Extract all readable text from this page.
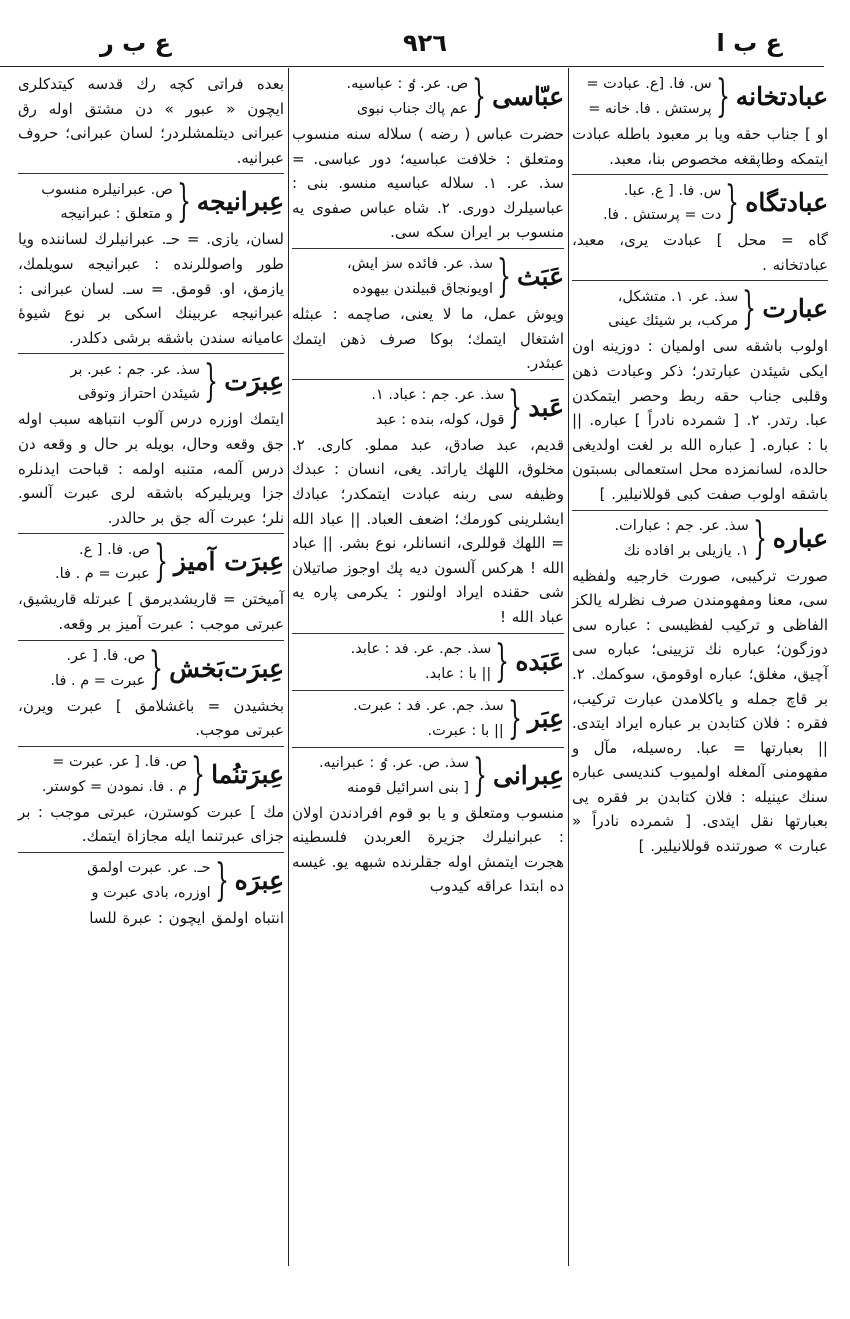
ع ب ا
٩٢٦
ع ب ر
عبادتخانه
{
س. فا. [ع. عبادت =
پرستش . فا. خانه =

او ] جناب حقه ویا بر معبود باطله عبادت ايتمكه وطاپقغه مخصوص بنا، معبد.

عبادتگاه
{
س. فا. [ ع. عبا.
دت = پرستش . فا.

گاه = محل ] عبادت يرى، معبد، عبادتخانه .

عبارت
{
سذ. عر. ١. متشكل،
مركب، بر شيئك عينى

اولوب باشقه سى اولمیان : دوزينه اون ايكى شيئدن عبارتدر؛ ذكر وعبادت ذهن وقلبى جناب حقه ربط وحصر ايتمكدن عبا. رتدر. ٢. [ شمرده نادراً ] عباره. || با : عباره. [ عباره الله بر لغت اولديغى حالده، لسانمزده محل استعمالى بسبتون باشقه اولوب صفت كبى قوللانيلير. ]

عباره
{
سذ. عر. جم : عبارات.
١. يازيلى بر افاده نك

صورت تركيبى، صورت خارجيه ولفظيه سى، معنا ومفهومندن صرف نظرله يالكز الفاظى و تركيب لفظيسى : عباره سى دوزگون؛ عباره نك تزيينى؛ عباره سى آچيق، مغلق؛ عباره اوقومق، سوكمك. ٢. بر قاچ جمله و ياكلامدن عبارت تركيب، فقره : فلان كتابدن بر عباره ايراد ايتدى. || بعبارتها = عبا. رەسيله، مآل و مفهومنى آلمغله اولميوب كنديسى عباره سنك عينيله : فلان كتابدن بر فقره يى بعبارتها نقل ايتدى. [ شمرده نادراً « عبارت » صورتنده قوللانيلير. ]

عبّاسى
{
ص. عر. ٶ : عباسيه.
عم پاك جناب نبوى

حضرت عباس ( رضه ) سلاله سنه منسوب ومتعلق : خلافت عباسيه؛ دور عباسى. = سذ. عر. ١. سلاله عباسيه منسو. بنى : عباسيلرك دورى. ٢. شاه عباس صفوى يه منسوب بر ايران سكه سى.

عَبَث
{
سذ. عر. فائده سز ايش،
اويونجاق قبيلندن بيهوده

ويوش عمل، ما لا يعنى، صاچمه : عبثله اشتغال ايتمك؛ بوكا صرف ذهن ايتمك عبثدر.

عَبد
{
سذ. عر. جم : عباد. ١.
قول، كوله، بنده : عبد

قديم، عبد صادق، عبد مملو. كارى. ٢. مخلوق، اللهك ياراتد. يغى، انسان : عبدك وظيفه سى ربنه عبادت ايتمكدر؛ عبادك ايشلرينى كورمك؛ اضعف العباد. || عباد الله = اللهك قوللرى، انسانلر، نوع بشر. || عباد الله ! هركس آلسون ديه پك اوجوز صاتيلان شى حقنده ايراد اولنور : يكرمى پاره يه عباد الله !

عَبَده
{
سذ. جم. عر. فد : عابد.
|| با : عابد.
عِبَر
{
سذ. جم. عر. فد : عبرت.
|| با : عبرت.
عِبرانى
{
سذ. ص. عر. ٶ : عبرانيه.
[ بنى اسرائيل قومنه

منسوب ومتعلق و يا بو قوم افرادندن اولان : عبرانيلرك جزيرة العربدن فلسطينه هجرت ايتمش اوله جقلرنده شبهه يو. غيسه ده ابتدا عراقه كيدوب

بعده فراتى كچه رك قدسه كيتدكلرى ايچون « عبور » دن مشتق اوله رق عبرانى ديتلمشلردر؛ لسان عبرانى؛ حروف عبرانيه.

عِبرانيجه
{
ص. عبرانيلره منسوب
و متعلق : عبرانيجه

لسان، يازى. = حـ. عبرانيلرك لساننده ويا طور واصوللرنده : عبرانيجه سويلمك، يازمق، او. قومق. = سـ. لسان عبرانى : عبرانيجه عربينك اسكى بر نوع شيوۀ عاميانه سندن باشقه برشى دكلدر.

عِبرَت
{
سذ. عر. جم : عبر. بر
شيئدن احتراز وتوقى

ايتمك اوزره درس آلوب انتباهه سبب اوله جق وقعه وحال، بويله بر حال و وقعه دن درس آلمه، متنبه اولمه : قباحت ايدنلره جزا ويريليركه باشقه لرى عبرت آلسو. نلر؛ عبرت آله جق بر حالدر.

عِبرَت آميز
{
ص. فا. [ ع.
عبرت = م . فا.

آميختن = قاريشديرمق ] عبرتله قاريشيق، عبرتى موجب : عبرت آميز بر وقعه.

عِبرَت‌بَخش
{
ص. فا. [ عر.
عبرت = م . فا.

بخشيدن = باغشلامق ] عبرت ويرن، عبرتى موجب.

عِبرَتنُما
{
ص. فا. [ عر. عبرت =
م . فا. نمودن = كوستر.

مك ] عبرت كوسترن، عبرتى موجب : بر جزاى عبرتنما ايله مجازاة ايتمك.

عِبرَه
{
حـ. عر. عبرت اولمق
اوزره، بادى عبرت و

انتباه اولمق ايچون : عبرة للسا
